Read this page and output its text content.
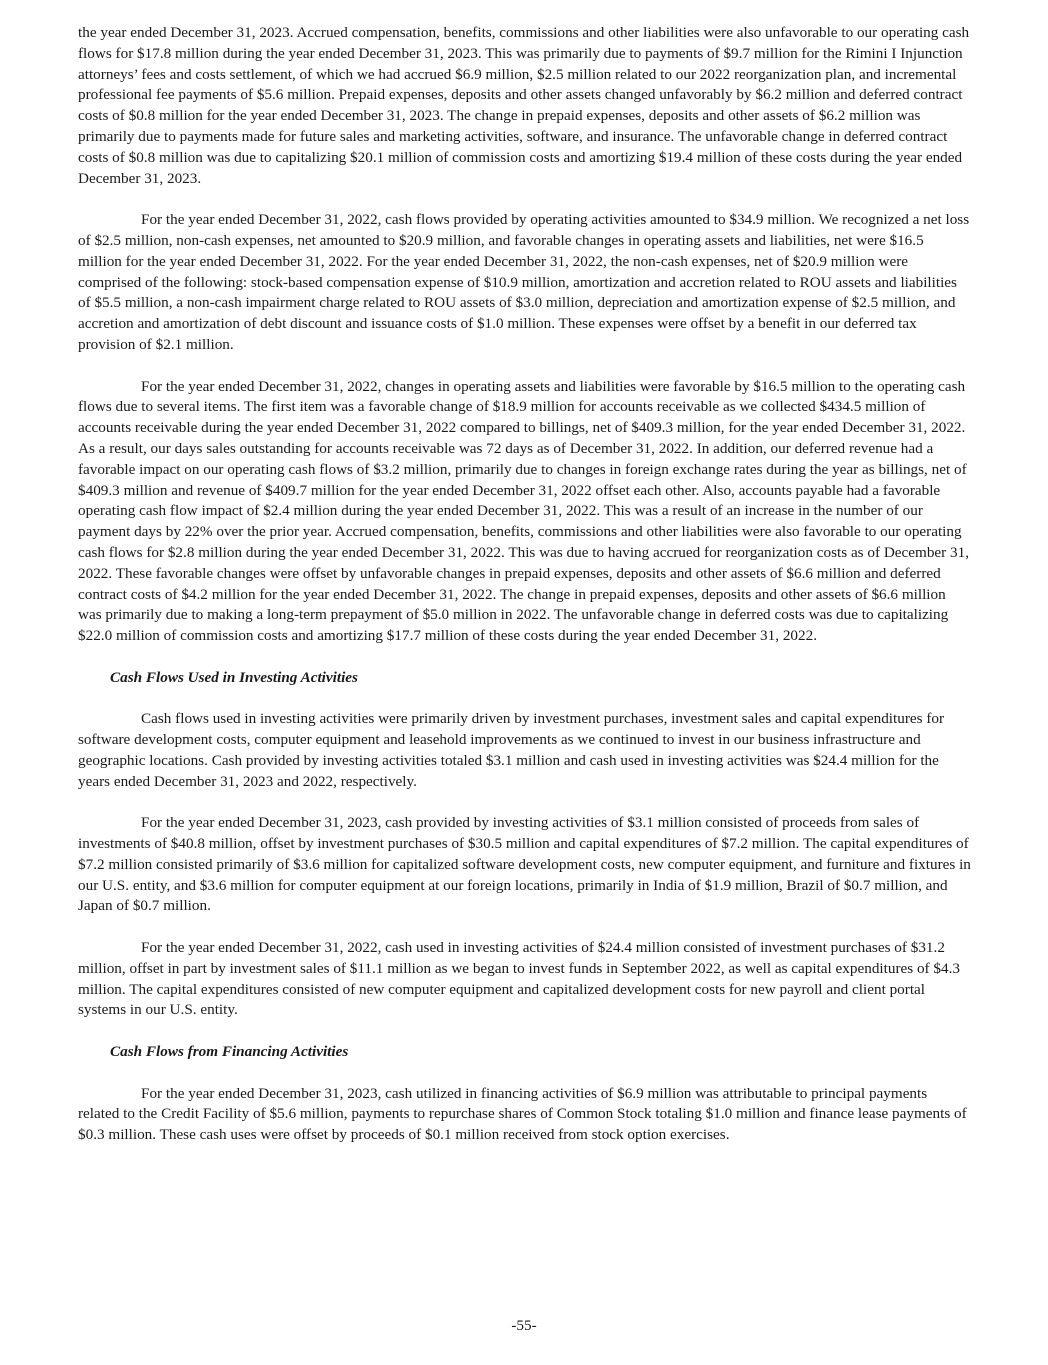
the year ended December 31, 2023. Accrued compensation, benefits, commissions and other liabilities were also unfavorable to our operating cash flows for $17.8 million during the year ended December 31, 2023. This was primarily due to payments of $9.7 million for the Rimini I Injunction attorneys’ fees and costs settlement, of which we had accrued $6.9 million, $2.5 million related to our 2022 reorganization plan, and incremental professional fee payments of $5.6 million. Prepaid expenses, deposits and other assets changed unfavorably by $6.2 million and deferred contract costs of $0.8 million for the year ended December 31, 2023. The change in prepaid expenses, deposits and other assets of $6.2 million was primarily due to payments made for future sales and marketing activities, software, and insurance. The unfavorable change in deferred contract costs of $0.8 million was due to capitalizing $20.1 million of commission costs and amortizing $19.4 million of these costs during the year ended December 31, 2023.

For the year ended December 31, 2022, cash flows provided by operating activities amounted to $34.9 million. We recognized a net loss of $2.5 million, non-cash expenses, net amounted to $20.9 million, and favorable changes in operating assets and liabilities, net were $16.5 million for the year ended December 31, 2022. For the year ended December 31, 2022, the non-cash expenses, net of $20.9 million were comprised of the following: stock-based compensation expense of $10.9 million, amortization and accretion related to ROU assets and liabilities of $5.5 million, a non-cash impairment charge related to ROU assets of $3.0 million, depreciation and amortization expense of $2.5 million, and accretion and amortization of debt discount and issuance costs of $1.0 million. These expenses were offset by a benefit in our deferred tax provision of $2.1 million.

For the year ended December 31, 2022, changes in operating assets and liabilities were favorable by $16.5 million to the operating cash flows due to several items. The first item was a favorable change of $18.9 million for accounts receivable as we collected $434.5 million of accounts receivable during the year ended December 31, 2022 compared to billings, net of $409.3 million, for the year ended December 31, 2022. As a result, our days sales outstanding for accounts receivable was 72 days as of December 31, 2022. In addition, our deferred revenue had a favorable impact on our operating cash flows of $3.2 million, primarily due to changes in foreign exchange rates during the year as billings, net of $409.3 million and revenue of $409.7 million for the year ended December 31, 2022 offset each other. Also, accounts payable had a favorable operating cash flow impact of $2.4 million during the year ended December 31, 2022. This was a result of an increase in the number of our payment days by 22% over the prior year. Accrued compensation, benefits, commissions and other liabilities were also favorable to our operating cash flows for $2.8 million during the year ended December 31, 2022. This was due to having accrued for reorganization costs as of December 31, 2022. These favorable changes were offset by unfavorable changes in prepaid expenses, deposits and other assets of $6.6 million and deferred contract costs of $4.2 million for the year ended December 31, 2022. The change in prepaid expenses, deposits and other assets of $6.6 million was primarily due to making a long-term prepayment of $5.0 million in 2022. The unfavorable change in deferred costs was due to capitalizing $22.0 million of commission costs and amortizing $17.7 million of these costs during the year ended December 31, 2022.

Cash Flows Used in Investing Activities

Cash flows used in investing activities were primarily driven by investment purchases, investment sales and capital expenditures for software development costs, computer equipment and leasehold improvements as we continued to invest in our business infrastructure and geographic locations. Cash provided by investing activities totaled $3.1 million and cash used in investing activities was $24.4 million for the years ended December 31, 2023 and 2022, respectively.

For the year ended December 31, 2023, cash provided by investing activities of $3.1 million consisted of proceeds from sales of investments of $40.8 million, offset by investment purchases of $30.5 million and capital expenditures of $7.2 million. The capital expenditures of $7.2 million consisted primarily of $3.6 million for capitalized software development costs, new computer equipment, and furniture and fixtures in our U.S. entity, and $3.6 million for computer equipment at our foreign locations, primarily in India of $1.9 million, Brazil of $0.7 million, and Japan of $0.7 million.

For the year ended December 31, 2022, cash used in investing activities of $24.4 million consisted of investment purchases of $31.2 million, offset in part by investment sales of $11.1 million as we began to invest funds in September 2022, as well as capital expenditures of $4.3 million. The capital expenditures consisted of new computer equipment and capitalized development costs for new payroll and client portal systems in our U.S. entity.

Cash Flows from Financing Activities

For the year ended December 31, 2023, cash utilized in financing activities of $6.9 million was attributable to principal payments related to the Credit Facility of $5.6 million, payments to repurchase shares of Common Stock totaling $1.0 million and finance lease payments of $0.3 million. These cash uses were offset by proceeds of $0.1 million received from stock option exercises.

-55-
